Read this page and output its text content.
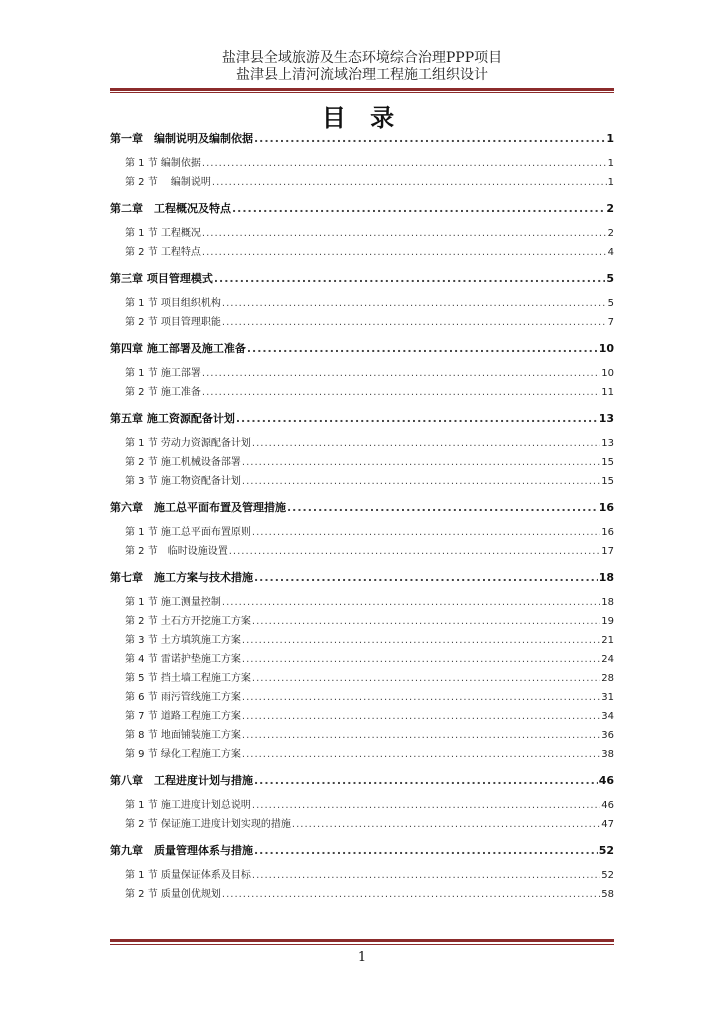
盐津县全域旅游及生态环境综合治理PPP项目
盐津县上清河流域治理工程施工组织设计
目 录
第一章　编制说明及编制依据 .....	1
第 1 节 编制依据 .....	1
第 2 节　 编制说明 .....	1
第二章　工程概况及特点 .....	2
第 1 节 工程概况 .....	2
第 2 节 工程特点 .....	4
第三章 项目管理模式 .....	5
第 1 节 项目组织机构 .....	5
第 2 节 项目管理职能 .....	7
第四章 施工部署及施工准备 .....	10
第 1 节 施工部署 .....	10
第 2 节 施工准备 .....	11
第五章 施工资源配备计划 .....	13
第 1 节 劳动力资源配备计划 .....	13
第 2 节 施工机械设备部署 .....	15
第 3 节 施工物资配备计划 .....	15
第六章　施工总平面布置及管理措施 .....	16
第 1 节 施工总平面布置原则 .....	16
第 2 节　临时设施设置 .....	17
第七章　施工方案与技术措施 .....	18
第 1 节 施工测量控制 .....	18
第 2 节 土石方开挖施工方案 .....	19
第 3 节 土方填筑施工方案 .....	21
第 4 节 雷诺护垫施工方案 .....	24
第 5 节 挡土墙工程施工方案 .....	28
第 6 节 雨污管线施工方案 .....	31
第 7 节 道路工程施工方案 .....	34
第 8 节 地面铺装施工方案 .....	36
第 9 节 绿化工程施工方案 .....	38
第八章　工程进度计划与措施 .....	46
第 1 节 施工进度计划总说明 .....	46
第 2 节 保证施工进度计划实现的措施 .....	47
第九章　质量管理体系与措施 .....	52
第 1 节 质量保证体系及目标 .....	52
第 2 节 质量创优规划 .....	58
1
